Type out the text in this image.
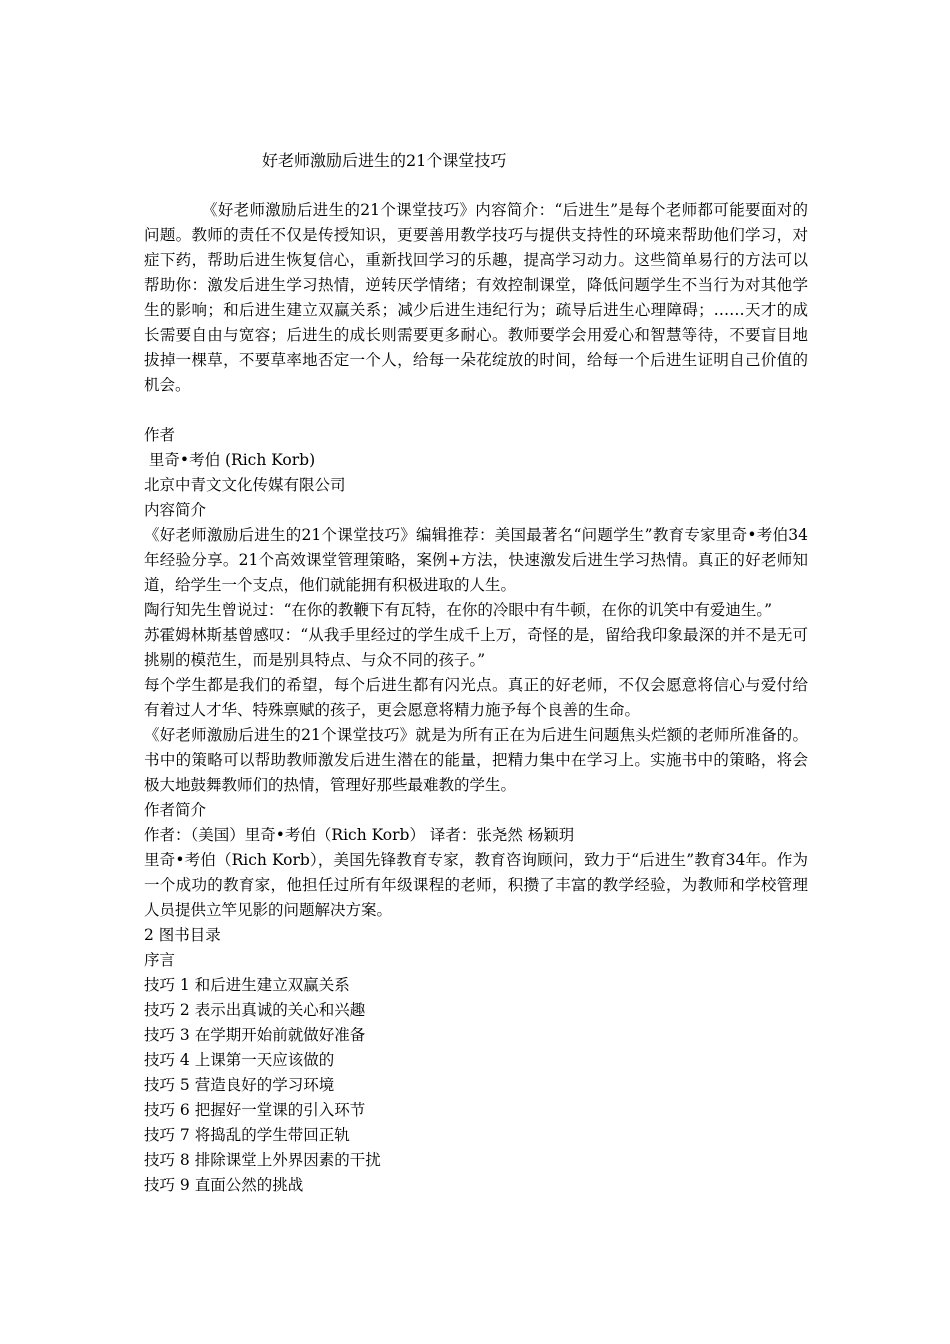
好老师激励后进生的21个课堂技巧

《好老师激励后进生的21个课堂技巧》内容简介：“后进生”是每个老师都可能要面对的问题。教师的责任不仅是传授知识，更要善用教学技巧与提供支持性的环境来帮助他们学习，对症下药，帮助后进生恢复信心，重新找回学习的乐趣，提高学习动力。这些简单易行的方法可以帮助你：激发后进生学习热情，逆转厌学情绪；有效控制课堂，降低问题学生不当行为对其他学生的影响；和后进生建立双赢关系；减少后进生违纪行为；疏导后进生心理障碍；……天才的成长需要自由与宽容；后进生的成长则需要更多耐心。教师要学会用爱心和智慧等待，不要盲目地拔掉一棵草，不要草率地否定一个人，给每一朵花绽放的时间，给每一个后进生证明自己价值的机会。

作者

里奇•考伯 (Rich Korb)

北京中青文文化传媒有限公司

内容简介

《好老师激励后进生的21个课堂技巧》编辑推荐：美国最著名“问题学生”教育专家里奇•考伯34年经验分享。21个高效课堂管理策略，案例+方法，快速激发后进生学习热情。真正的好老师知道，给学生一个支点，他们就能拥有积极进取的人生。

陶行知先生曾说过：“在你的教鞭下有瓦特，在你的冷眼中有牛顿，在你的讥笑中有爱迪生。”

苏霍姆林斯基曾感叹：“从我手里经过的学生成千上万，奇怪的是，留给我印象最深的并不是无可挑剔的模范生，而是别具特点、与众不同的孩子。”

每个学生都是我们的希望，每个后进生都有闪光点。真正的好老师，不仅会愿意将信心与爱付给有着过人才华、特殊禀赋的孩子，更会愿意将精力施予每个良善的生命。

《好老师激励后进生的21个课堂技巧》就是为所有正在为后进生问题焦头烂额的老师所准备的。书中的策略可以帮助教师激发后进生潜在的能量，把精力集中在学习上。实施书中的策略，将会极大地鼓舞教师们的热情，管理好那些最难教的学生。

作者简介

作者：（美国）里奇•考伯（Rich Korb） 译者：张尧然 杨颖玥

里奇•考伯（Rich Korb），美国先锋教育专家，教育咨询顾问，致力于“后进生”教育34年。作为一个成功的教育家，他担任过所有年级课程的老师，积攒了丰富的教学经验，为教师和学校管理人员提供立竿见影的问题解决方案。

2 图书目录

序言

技巧 1 和后进生建立双赢关系

技巧 2 表示出真诚的关心和兴趣

技巧 3 在学期开始前就做好准备

技巧 4 上课第一天应该做的

技巧 5 营造良好的学习环境

技巧 6 把握好一堂课的引入环节

技巧 7 将捣乱的学生带回正轨

技巧 8 排除课堂上外界因素的干扰

技巧 9 直面公然的挑战
